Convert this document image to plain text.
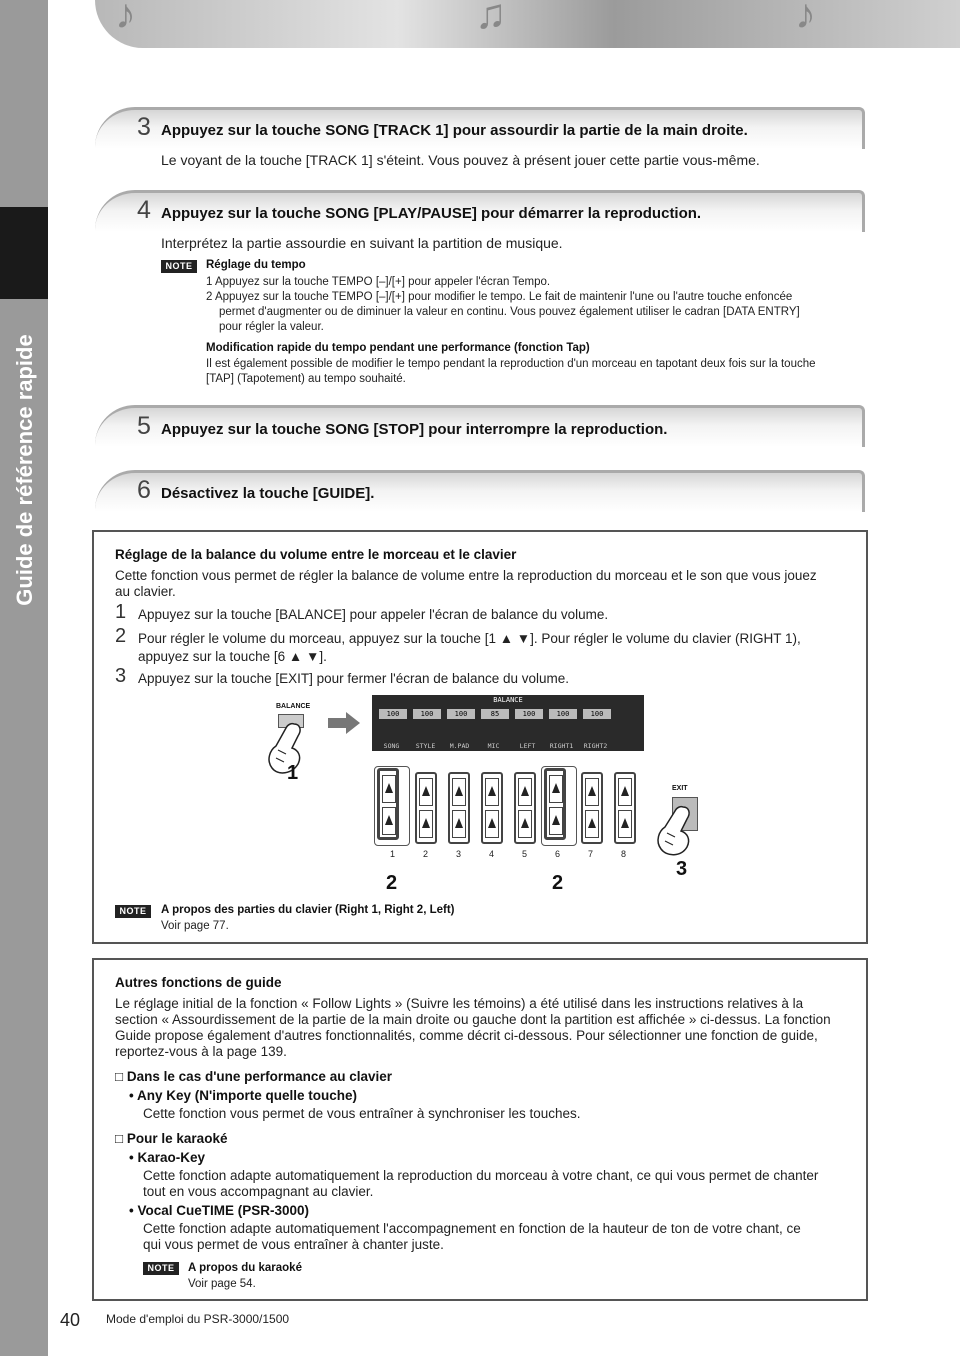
Guide de référence rapide
♪	♫	♪
3 Appuyez sur la touche SONG [TRACK 1] pour assourdir la partie de la main droite.
Le voyant de la touche [TRACK 1] s'éteint. Vous pouvez à présent jouer cette partie vous-même.
4 Appuyez sur la touche SONG [PLAY/PAUSE] pour démarrer la reproduction.
Interprétez la partie assourdie en suivant la partition de musique.
NOTE	Réglage du tempo
1 Appuyez sur la touche TEMPO [–]/[+] pour appeler l'écran Tempo.
2 Appuyez sur la touche TEMPO [–]/[+] pour modifier le tempo. Le fait de maintenir l'une ou l'autre touche enfoncée
permet d'augmenter ou de diminuer la valeur en continu. Vous pouvez également utiliser le cadran [DATA ENTRY]
pour régler la valeur.
Modification rapide du tempo pendant une performance (fonction Tap)
Il est également possible de modifier le tempo pendant la reproduction d'un morceau en tapotant deux fois sur la touche
[TAP] (Tapotement) au tempo souhaité.
5 Appuyez sur la touche SONG [STOP] pour interrompre la reproduction.
6 Désactivez la touche [GUIDE].
Réglage de la balance du volume entre le morceau et le clavier
Cette fonction vous permet de régler la balance de volume entre la reproduction du morceau et le son que vous jouez
au clavier.
1 Appuyez sur la touche [BALANCE] pour appeler l'écran de balance du volume.
2 Pour régler le volume du morceau, appuyez sur la touche [1 ▲ ▼]. Pour régler le volume du clavier (RIGHT 1),
appuyez sur la touche [6 ▲ ▼].
3 Appuyez sur la touche [EXIT] pour fermer l'écran de balance du volume.
BALANCE
1
BALANCE
100
SONG
100
STYLE
100
M.PAD
85
MIC
100
LEFT
100
RIGHT1
100
RIGHT2
1	2	3	4	5	6	7	8
2	2
EXIT
3
NOTE	A propos des parties du clavier (Right 1, Right 2, Left)
Voir page 77.
Autres fonctions de guide
Le réglage initial de la fonction « Follow Lights » (Suivre les témoins) a été utilisé dans les instructions relatives à la
section « Assourdissement de la partie de la main droite ou gauche dont la partition est affichée » ci-dessus. La fonction
Guide propose également d'autres fonctionnalités, comme décrit ci-dessous. Pour sélectionner une fonction de guide,
reportez-vous à la page 139.
□ Dans le cas d'une performance au clavier
• Any Key (N'importe quelle touche)
Cette fonction vous permet de vous entraîner à synchroniser les touches.
□ Pour le karaoké
• Karao-Key
Cette fonction adapte automatiquement la reproduction du morceau à votre chant, ce qui vous permet de chanter
tout en vous accompagnant au clavier.
• Vocal CueTIME (PSR-3000)
Cette fonction adapte automatiquement l'accompagnement en fonction de la hauteur de ton de votre chant, ce
qui vous permet de vous entraîner à chanter juste.
NOTE	A propos du karaoké
Voir page 54.
40 Mode d'emploi du PSR-3000/1500
